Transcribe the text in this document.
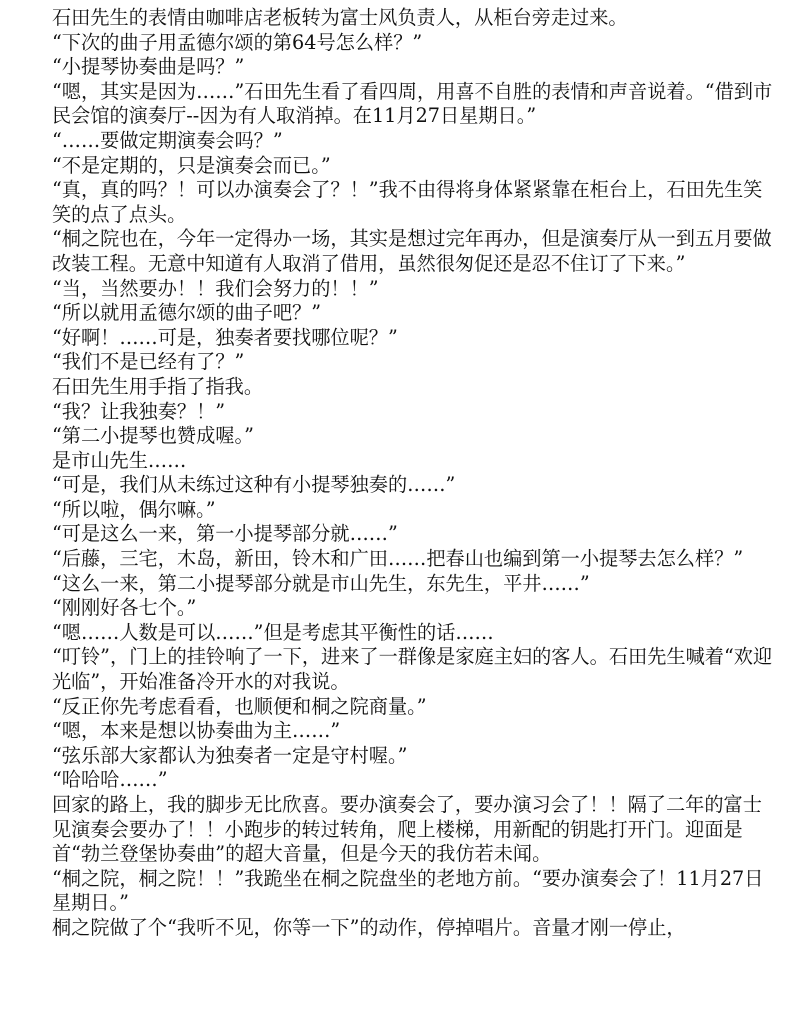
石田先生的表情由咖啡店老板转为富士风负责人，从柜台旁走过来。

“下次的曲子用孟德尔颂的第64号怎么样？”

“小提琴协奏曲是吗？”

“嗯，其实是因为……”石田先生看了看四周，用喜不自胜的表情和声音说着。“借到市民会馆的演奏厅--因为有人取消掉。在11月27日星期日。”

“……要做定期演奏会吗？”

“不是定期的，只是演奏会而已。”

“真，真的吗？！可以办演奏会了？！”我不由得将身体紧紧靠在柜台上，石田先生笑笑的点了点头。

“桐之院也在，今年一定得办一场，其实是想过完年再办，但是演奏厅从一到五月要做改装工程。无意中知道有人取消了借用，虽然很匆促还是忍不住订了下来。”

“当，当然要办！！我们会努力的！！”

“所以就用孟德尔颂的曲子吧？”

“好啊！……可是，独奏者要找哪位呢？”

“我们不是已经有了？”

石田先生用手指了指我。

“我？让我独奏？！”

“第二小提琴也赞成喔。”

是市山先生……

“可是，我们从未练过这种有小提琴独奏的……”

“所以啦，偶尔嘛。”

“可是这么一来，第一小提琴部分就……”

“后藤，三宅，木岛，新田，铃木和广田……把春山也编到第一小提琴去怎么样？”

“这么一来，第二小提琴部分就是市山先生，东先生，平井……”

“刚刚好各七个。”

“嗯……人数是可以……”但是考虑其平衡性的话……

“叮铃”，门上的挂铃响了一下，进来了一群像是家庭主妇的客人。石田先生喊着“欢迎光临”，开始准备冷开水的对我说。

“反正你先考虑看看，也顺便和桐之院商量。”

“嗯，本来是想以协奏曲为主……”

“弦乐部大家都认为独奏者一定是守村喔。”

“哈哈哈……”

回家的路上，我的脚步无比欣喜。要办演奏会了，要办演习会了！！隔了二年的富士见演奏会要办了！！小跑步的转过转角，爬上楼梯，用新配的钥匙打开门。迎面是首“勃兰登堡协奏曲”的超大音量，但是今天的我仿若未闻。

“桐之院，桐之院！！”我跪坐在桐之院盘坐的老地方前。“要办演奏会了！11月27日星期日。”

桐之院做了个“我听不见，你等一下”的动作，停掉唱片。音量才刚一停止，
